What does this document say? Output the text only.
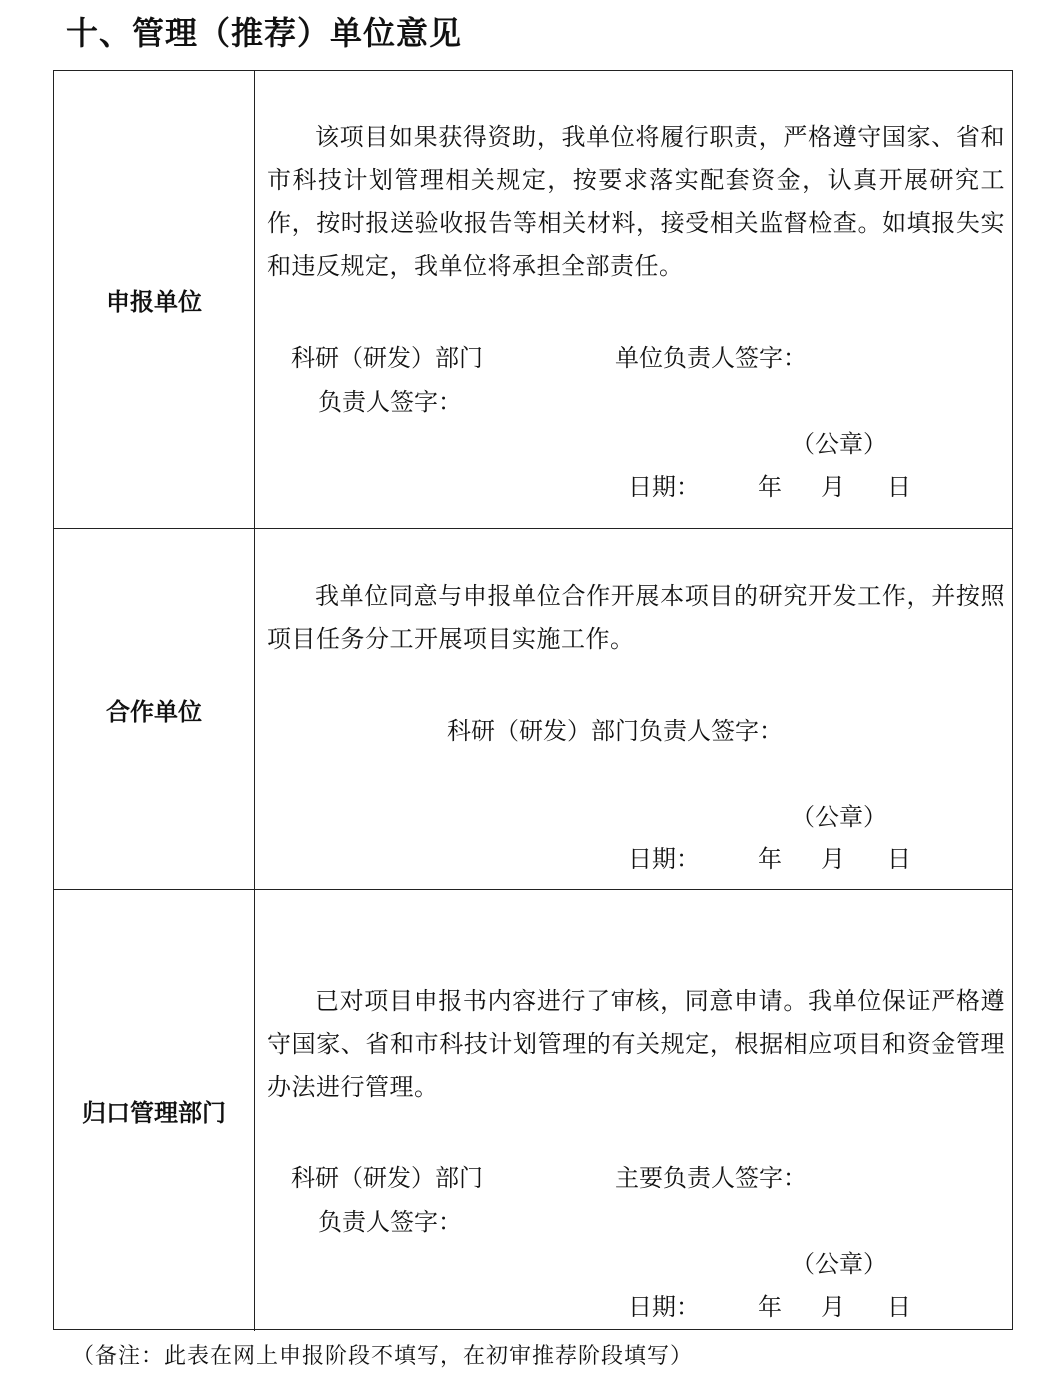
十、管理（推荐）单位意见
申报单位
该项目如果获得资助，我单位将履行职责，严格遵守国家、省和市科技计划管理相关规定，按要求落实配套资金，认真开展研究工作，按时报送验收报告等相关材料，接受相关监督检查。如填报失实和违反规定，我单位将承担全部责任。
科研（研发）部门
负责人签字：
单位负责人签字：
（公章）
日期： 年 月 日
合作单位
我单位同意与申报单位合作开展本项目的研究开发工作，并按照项目任务分工开展项目实施工作。
科研（研发）部门负责人签字：
（公章）
日期： 年 月 日
归口管理部门
已对项目申报书内容进行了审核，同意申请。我单位保证严格遵守国家、省和市科技计划管理的有关规定，根据相应项目和资金管理办法进行管理。
科研（研发）部门
负责人签字：
主要负责人签字：
（公章）
日期： 年 月 日
（备注：此表在网上申报阶段不填写，在初审推荐阶段填写）
